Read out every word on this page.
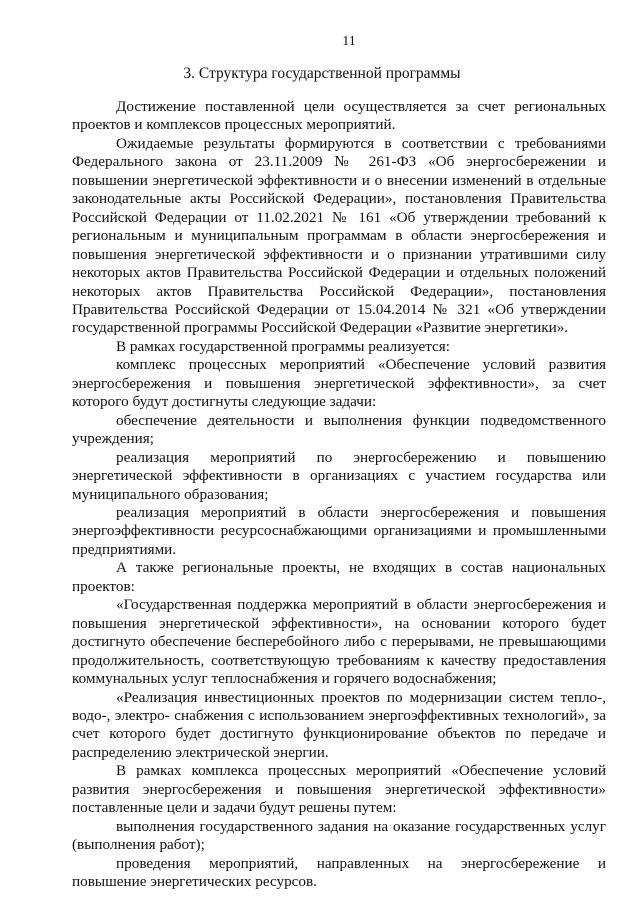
11
3. Структура государственной программы

Достижение поставленной цели осуществляется за счет региональных проектов и комплексов процессных мероприятий.

Ожидаемые результаты формируются в соответствии с требованиями Федерального закона от 23.11.2009 № 261-ФЗ «Об энергосбережении и повышении энергетической эффективности и о внесении изменений в отдельные законодательные акты Российской Федерации», постановления Правительства Российской Федерации от 11.02.2021 № 161 «Об утверждении требований к региональным и муниципальным программам в области энергосбережения и повышения энергетической эффективности и о признании утратившими силу некоторых актов Правительства Российской Федерации и отдельных положений некоторых актов Правительства Российской Федерации», постановления Правительства Российской Федерации от 15.04.2014 № 321 «Об утверждении государственной программы Российской Федерации «Развитие энергетики».

В рамках государственной программы реализуется:

комплекс процессных мероприятий «Обеспечение условий развития энергосбережения и повышения энергетической эффективности», за счет которого будут достигнуты следующие задачи:

обеспечение деятельности и выполнения функции подведомственного учреждения;

реализация мероприятий по энергосбережению и повышению энергетической эффективности в организациях с участием государства или муниципального образования;

реализация мероприятий в области энергосбережения и повышения энергоэффективности ресурсоснабжающими организациями и промышленными предприятиями.

А также региональные проекты, не входящих в состав национальных проектов:

«Государственная поддержка мероприятий в области энергосбережения и повышения энергетической эффективности», на основании которого будет достигнуто обеспечение бесперебойного либо с перерывами, не превышающими продолжительность, соответствующую требованиям к качеству предоставления коммунальных услуг теплоснабжения и горячего водоснабжения;

«Реализация инвестиционных проектов по модернизации систем тепло-, водо-, электро- снабжения с использованием энергоэффективных технологий», за счет которого будет достигнуто функционирование объектов по передаче и распределению электрической энергии.

В рамках комплекса процессных мероприятий «Обеспечение условий развития энергосбережения и повышения энергетической эффективности» поставленные цели и задачи будут решены путем:

выполнения государственного задания на оказание государственных услуг (выполнения работ);

проведения мероприятий, направленных на энергосбережение и повышение энергетических ресурсов.
